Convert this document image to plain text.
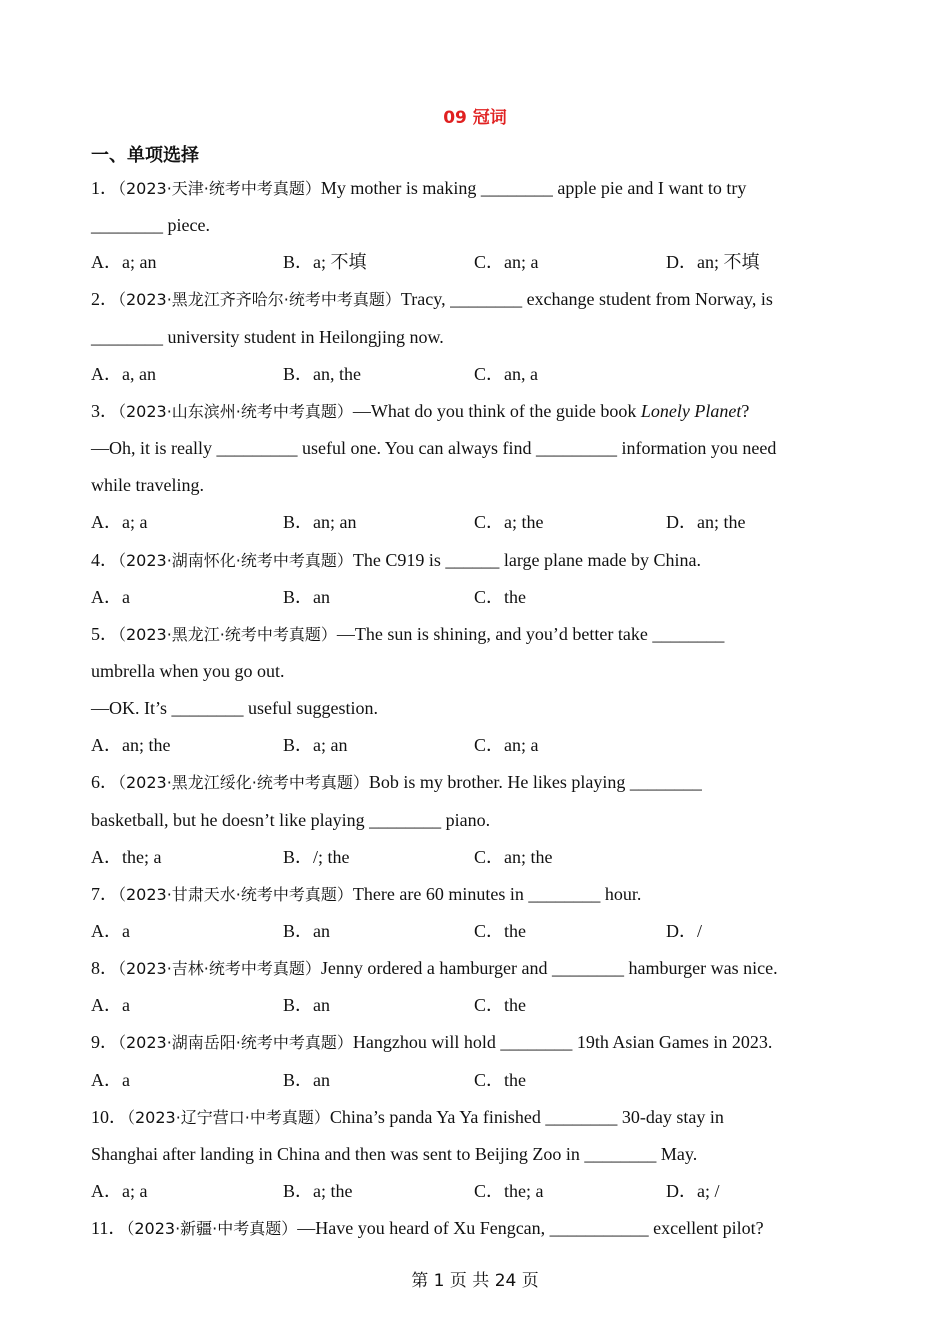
09 冠词
一、单项选择
1．（2023·天津·统考中考真题）My mother is making ________ apple pie and I want to try
________ piece.
A．a; an	B．a; 不填	C．an; a	D．an; 不填
2．（2023·黑龙江齐齐哈尔·统考中考真题）Tracy, ________ exchange student from Norway, is
________ university student in Heilongjing now.
A．a, an	B．an, the	C．an, a
3．（2023·山东滨州·统考中考真题）—What do you think of the guide book Lonely Planet?
—Oh, it is really _________ useful one. You can always find _________ information you need
while traveling.
A．a; a	B．an; an	C．a; the	D．an; the
4．（2023·湖南怀化·统考中考真题）The C919 is ______ large plane made by China.
A．a	B．an	C．the
5．（2023·黑龙江·统考中考真题）—The sun is shining, and you’d better take ________
umbrella when you go out.
—OK. It’s ________ useful suggestion.
A．an; the	B．a; an	C．an; a
6．（2023·黑龙江绥化·统考中考真题）Bob is my brother. He likes playing ________
basketball, but he doesn’t like playing ________ piano.
A．the; a	B．/; the	C．an; the
7．（2023·甘肃天水·统考中考真题）There are 60 minutes in ________ hour.
A．a	B．an	C．the	D．/
8．（2023·吉林·统考中考真题）Jenny ordered a hamburger and ________ hamburger was nice.
A．a	B．an	C．the
9．（2023·湖南岳阳·统考中考真题）Hangzhou will hold ________ 19th Asian Games in 2023.
A．a	B．an	C．the
10．（2023·辽宁营口·中考真题）China’s panda Ya Ya finished ________ 30-day stay in
Shanghai after landing in China and then was sent to Beijing Zoo in ________ May.
A．a; a	B．a; the	C．the; a	D．a; /
11．（2023·新疆·中考真题）—Have you heard of Xu Fengcan, ___________ excellent pilot?
第 1 页 共 24 页
